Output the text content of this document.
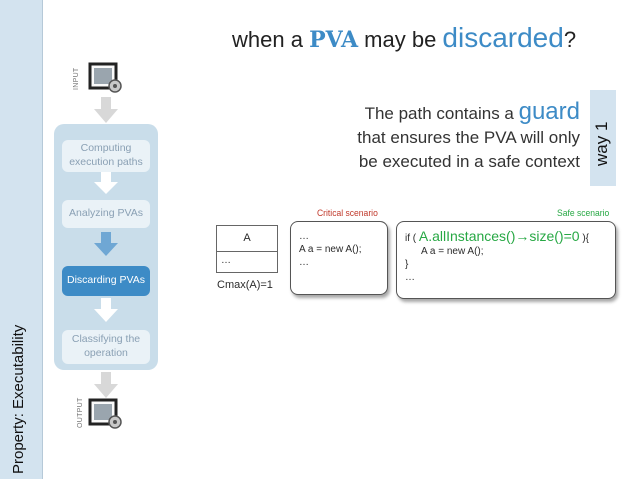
Property: Executability
INPUT
Computing execution paths
Analyzing PVAs
Discarding PVAs
Classifying the operation
OUTPUT
when a PVA may be discarded?
way 1
The path contains a guard
that ensures the PVA will only
be executed in a safe context
A
…
Cmax(A)=1
Critical scenario
…
A a = new A();
…
Safe scenario
if ( A.allInstances()→size()=0 ){
A a = new A();
}
…
